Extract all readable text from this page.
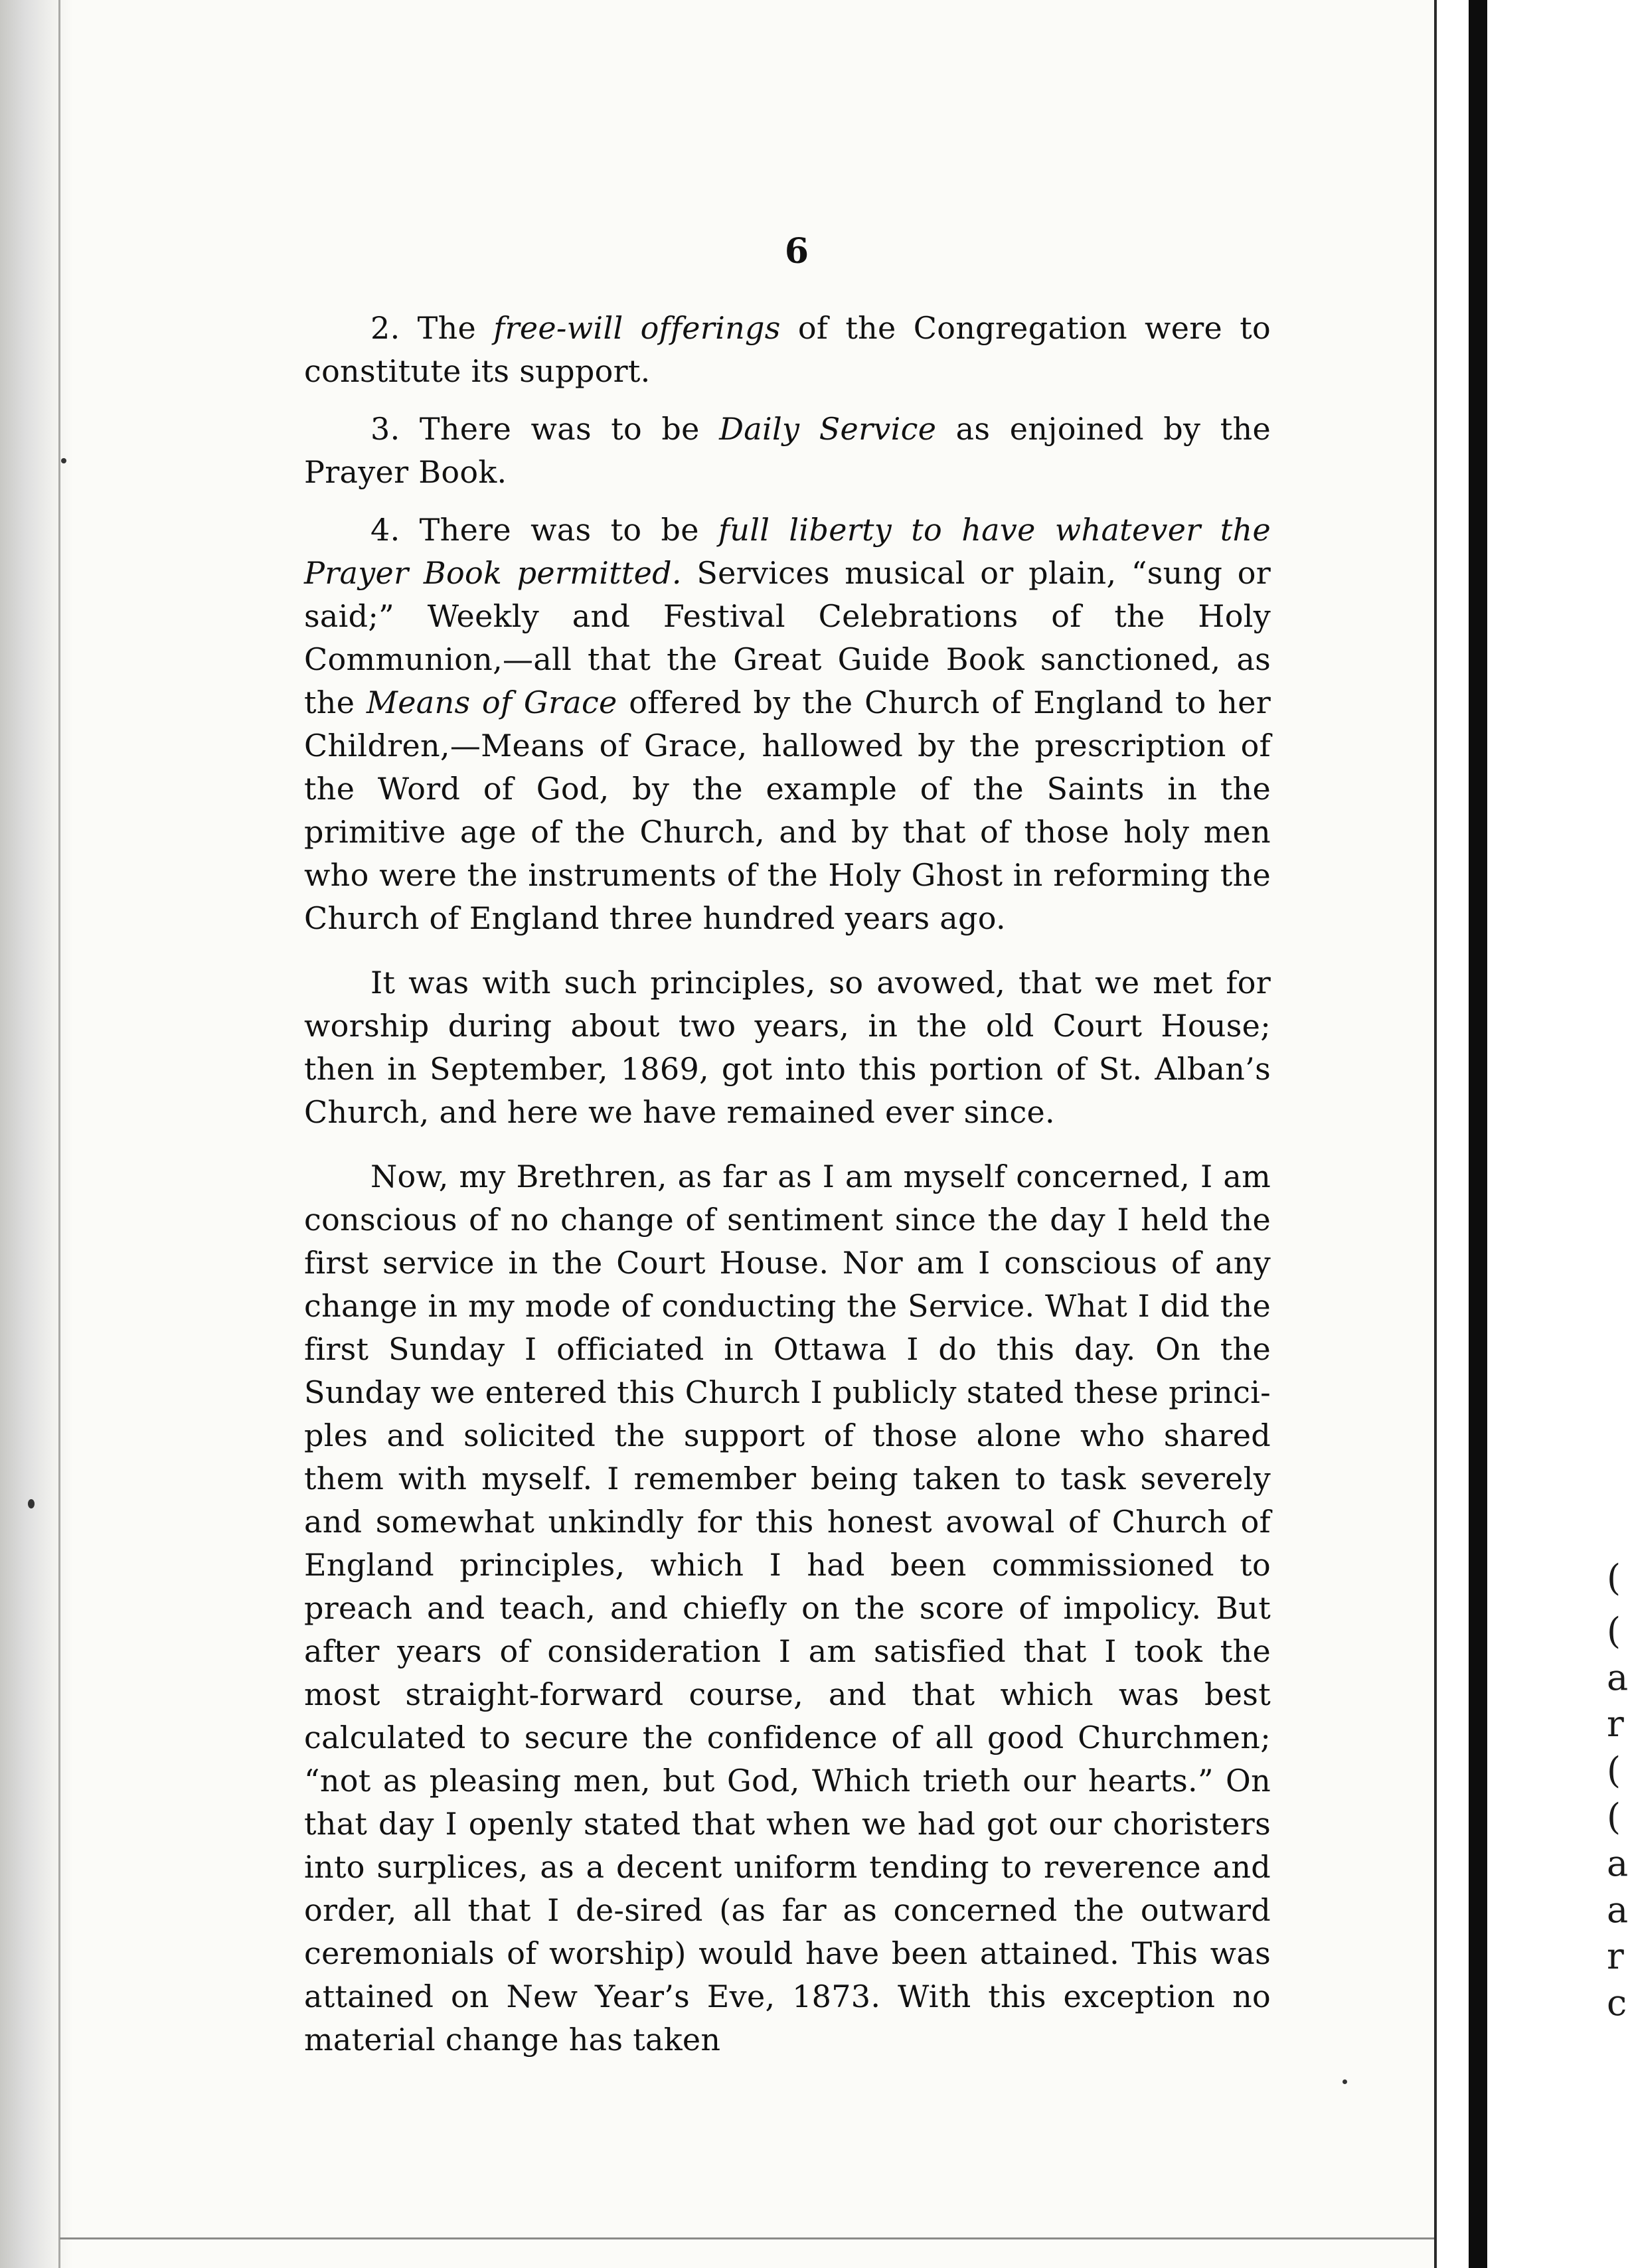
(
(
a
r
(
(
a
a
r
c
6

2. The free-will offerings of the Congregation were to constitute its support.

3. There was to be Daily Service as enjoined by the Prayer Book.

4. There was to be full liberty to have whatever the Prayer Book permitted. Services musical or plain, “sung or said;” Weekly and Festival Celebrations of the Holy Communion,—all that the Great Guide Book sanctioned, as the Means of Grace offered by the Church of England to her Children,—Means of Grace, hallowed by the prescription of the Word of God, by the example of the Saints in the primitive age of the Church, and by that of those holy men who were the instruments of the Holy Ghost in reforming the Church of England three hundred years ago.

It was with such principles, so avowed, that we met for worship during about two years, in the old Court House; then in September, 1869, got into this portion of St. Alban’s Church, and here we have remained ever since.

Now, my Brethren, as far as I am myself concerned, I am conscious of no change of sentiment since the day I held the first service in the Court House. Nor am I conscious of any change in my mode of conducting the Service. What I did the first Sunday I officiated in Ottawa I do this day. On the Sunday we entered this Church I publicly stated these princi-ples and solicited the support of those alone who shared them with myself. I remember being taken to task severely and somewhat unkindly for this honest avowal of Church of England principles, which I had been commissioned to preach and teach, and chiefly on the score of impolicy. But after years of consideration I am satisfied that I took the most straight-forward course, and that which was best calculated to secure the confidence of all good Churchmen; “not as pleasing men, but God, Which trieth our hearts.” On that day I openly stated that when we had got our choristers into surplices, as a decent uniform tending to reverence and order, all that I de-sired (as far as concerned the outward ceremonials of worship) would have been attained. This was attained on New Year’s Eve, 1873. With this exception no material change has taken
